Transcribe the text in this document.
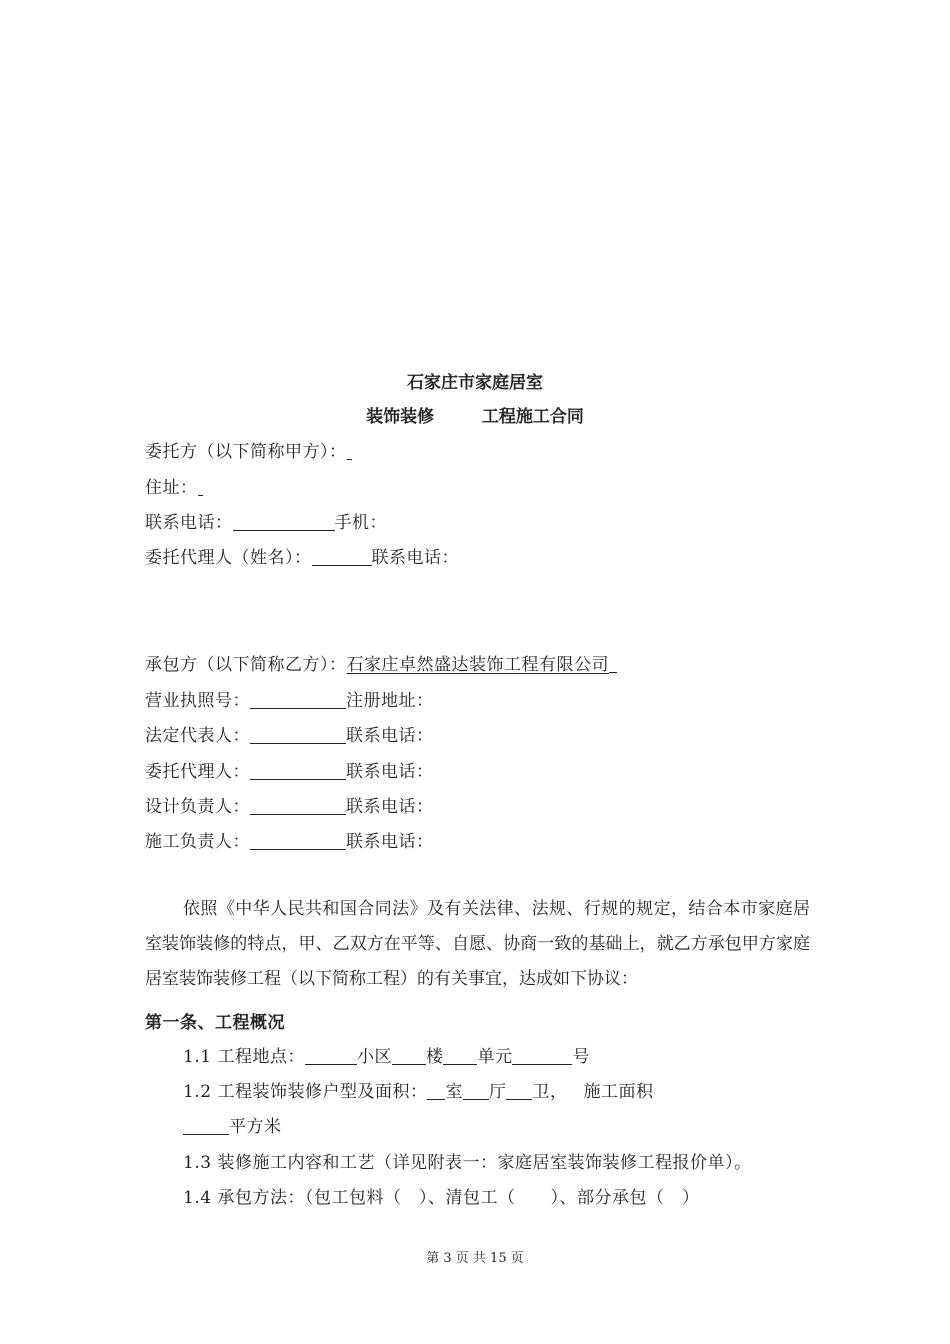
石家庄市家庭居室
装饰装修	工程施工合同
委托方（以下简称甲方）：
住址：
联系电话：	手机：
委托代理人（姓名）：	联系电话：
承包方（以下简称乙方）：石家庄卓然盛达装饰工程有限公司
营业执照号：	注册地址：
法定代表人：	联系电话：
委托代理人：	联系电话：
设计负责人：	联系电话：
施工负责人：	联系电话：
依照《中华人民共和国合同法》及有关法律、法规、行规的规定，结合本市家庭居室装饰装修的特点，甲、乙双方在平等、自愿、协商一致的基础上，就乙方承包甲方家庭居室装饰装修工程（以下简称工程）的有关事宜，达成如下协议：
第一条、工程概况
1.1 工程地点：	小区 楼 单元	号
1.2 工程装饰装修户型及面积： 室 厅 卫， 施工面积
平方米
1.3 装修施工内容和工艺（详见附表一：家庭居室装饰装修工程报价单）。
1.4 承包方法：（包工包料（　）、清包工（　　）、部分承包（　）
第 3 页 共 15 页
